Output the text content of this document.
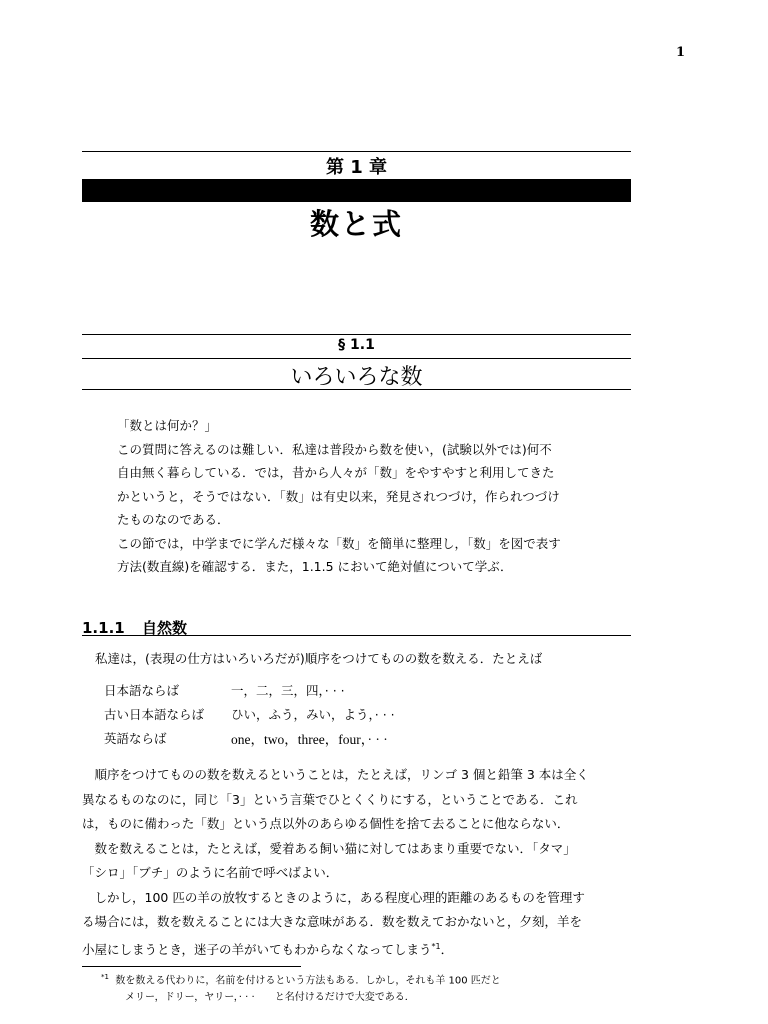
1
第 1 章
数と式
§ 1.1
いろいろな数

「数とは何か？」

この質問に答えるのは難しい．私達は普段から数を使い，(試験以外では)何不

自由無く暮らしている．では，昔から人々が「数」をやすやすと利用してきた

かというと，そうではない．「数」は有史以来，発見されつづけ，作られつづけ

たものなのである．

この節では，中学までに学んだ様々な「数」を簡単に整理し，「数」を図で表す

方法(数直線)を確認する．また，1.1.5 において絶対値について学ぶ．

1.1.1 自然数
私達は，(表現の仕方はいろいろだが)順序をつけてものの数を数える．たとえば
日本語ならば	一，二，三，四，· · ·
古い日本語ならば	ひい，ふう，みい，よう，· · ·
英語ならば	one，two，three，four，· · ·

　順序をつけてものの数を数えるということは，たとえば，リンゴ 3 個と鉛筆 3 本は全く

異なるものなのに，同じ「3」という言葉でひとくくりにする，ということである．これ

は，ものに備わった「数」という点以外のあらゆる個性を捨て去ることに他ならない．

　数を数えることは，たとえば，愛着ある飼い猫に対してはあまり重要でない．「タマ」

「シロ」「ブチ」のように名前で呼べばよい．

　しかし，100 匹の羊の放牧するときのように，ある程度心理的距離のあるものを管理す

る場合には，数を数えることには大きな意味がある．数を数えておかないと，夕刻，羊を

小屋にしまうとき，迷子の羊がいてもわからなくなってしまう$^{*1}$．

$^{*1}$ 数を数える代わりに，名前を付けるという方法もある．しかし，それも羊 100 匹だと

メリー，ドリー，ヤリー，· · ·　　と名付けるだけで大変である．
